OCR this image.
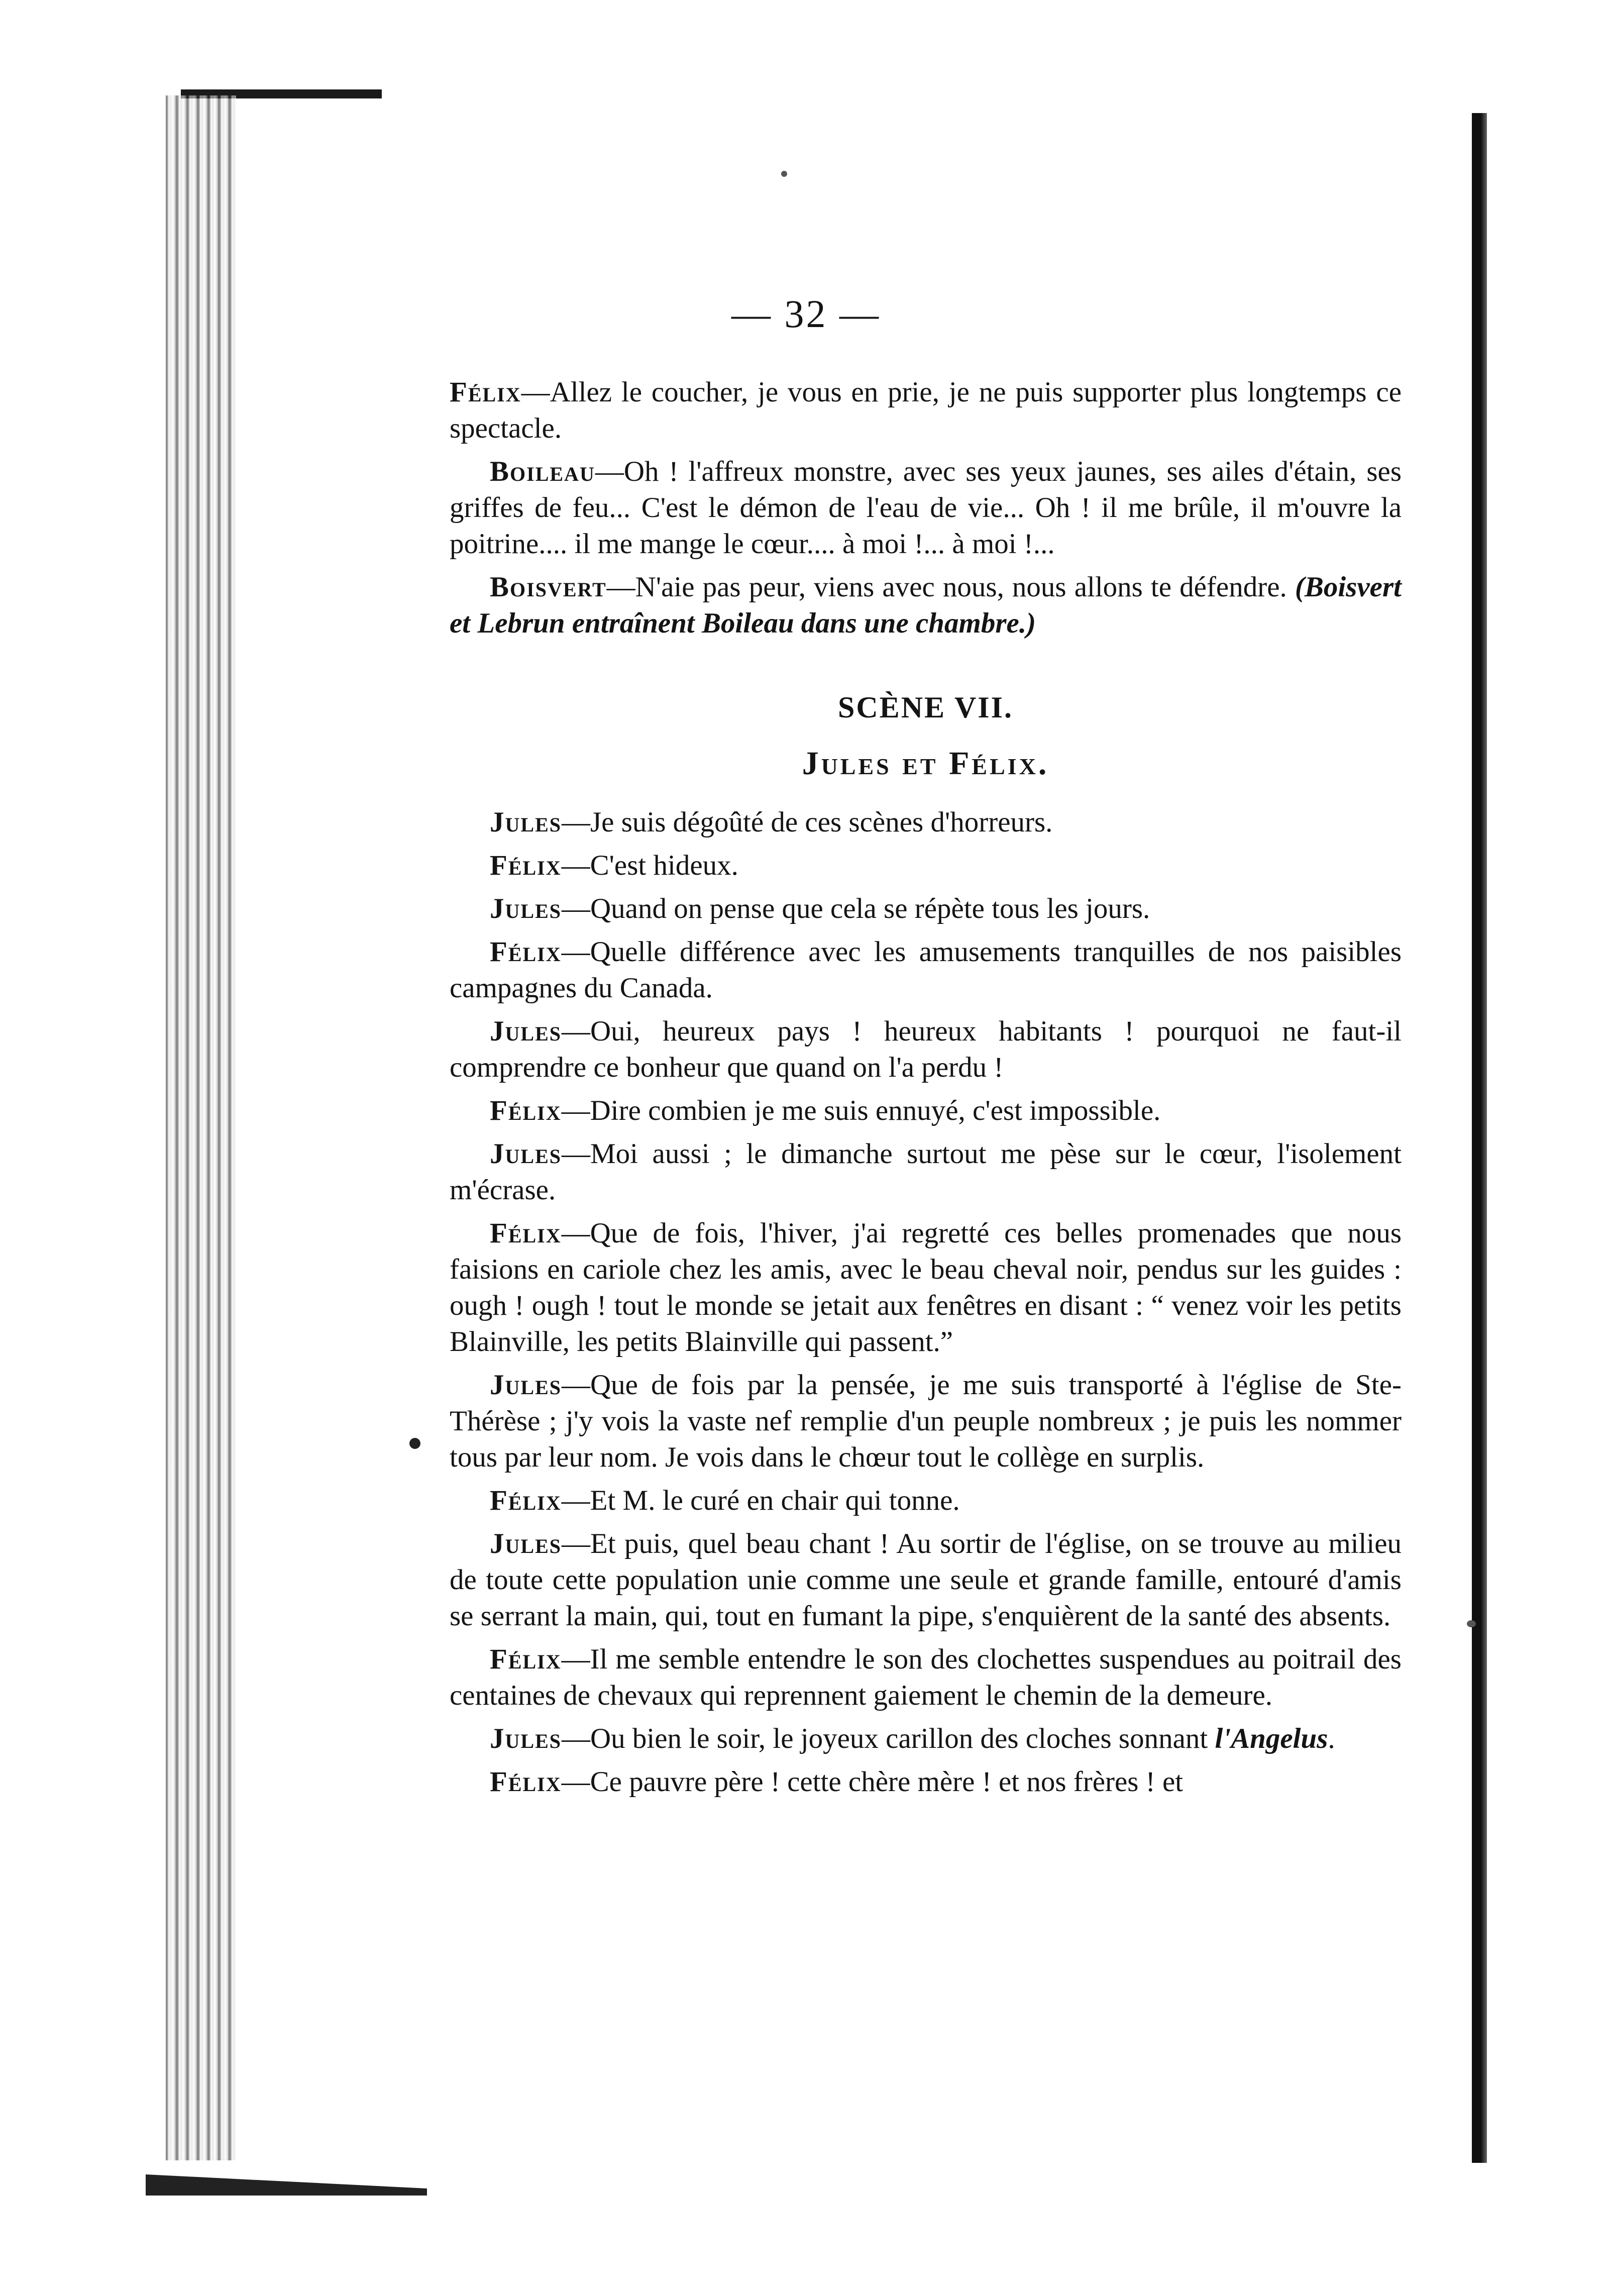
— 32 —

Félix—Allez le coucher, je vous en prie, je ne puis supporter plus longtemps ce spectacle.

Boileau—Oh ! l'affreux monstre, avec ses yeux jaunes, ses ailes d'étain, ses griffes de feu... C'est le démon de l'eau de vie... Oh ! il me brûle, il m'ouvre la poitrine.... il me mange le cœur.... à moi !... à moi !...

Boisvert—N'aie pas peur, viens avec nous, nous allons te défendre. (Boisvert et Lebrun entraînent Boileau dans une chambre.)

SCÈNE VII.
Jules et Félix.

Jules—Je suis dégoûté de ces scènes d'horreurs.

Félix—C'est hideux.

Jules—Quand on pense que cela se répète tous les jours.

Félix—Quelle différence avec les amusements tranquilles de nos paisibles campagnes du Canada.

Jules—Oui, heureux pays ! heureux habitants ! pourquoi ne faut-il comprendre ce bonheur que quand on l'a perdu !

Félix—Dire combien je me suis ennuyé, c'est impossible.

Jules—Moi aussi ; le dimanche surtout me pèse sur le cœur, l'isolement m'écrase.

Félix—Que de fois, l'hiver, j'ai regretté ces belles promenades que nous faisions en cariole chez les amis, avec le beau cheval noir, pendus sur les guides : ough ! ough ! tout le monde se jetait aux fenêtres en disant : “ venez voir les petits Blainville, les petits Blainville qui passent.”

Jules—Que de fois par la pensée, je me suis transporté à l'église de Ste-Thérèse ; j'y vois la vaste nef remplie d'un peuple nombreux ; je puis les nommer tous par leur nom. Je vois dans le chœur tout le collège en surplis.

Félix—Et M. le curé en chair qui tonne.

Jules—Et puis, quel beau chant ! Au sortir de l'église, on se trouve au milieu de toute cette population unie comme une seule et grande famille, entouré d'amis se serrant la main, qui, tout en fumant la pipe, s'enquièrent de la santé des absents.

Félix—Il me semble entendre le son des clochettes suspendues au poitrail des centaines de chevaux qui reprennent gaiement le chemin de la demeure.

Jules—Ou bien le soir, le joyeux carillon des cloches sonnant l'Angelus.

Félix—Ce pauvre père ! cette chère mère ! et nos frères ! et
